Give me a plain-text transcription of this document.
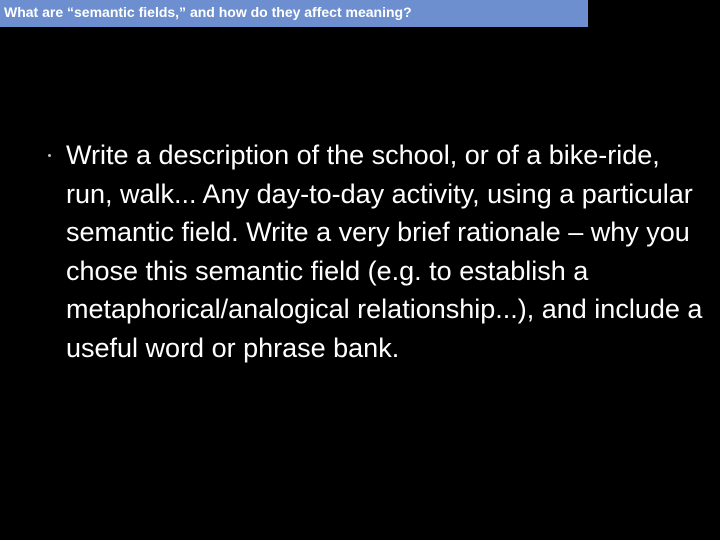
What are “semantic fields,” and how do they affect meaning?
Write a description of the school, or of a bike-ride, run, walk... Any day-to-day activity, using a particular semantic field. Write a very brief rationale – why you chose this semantic field (e.g. to establish a metaphorical/analogical relationship...), and include a useful word or phrase bank.
